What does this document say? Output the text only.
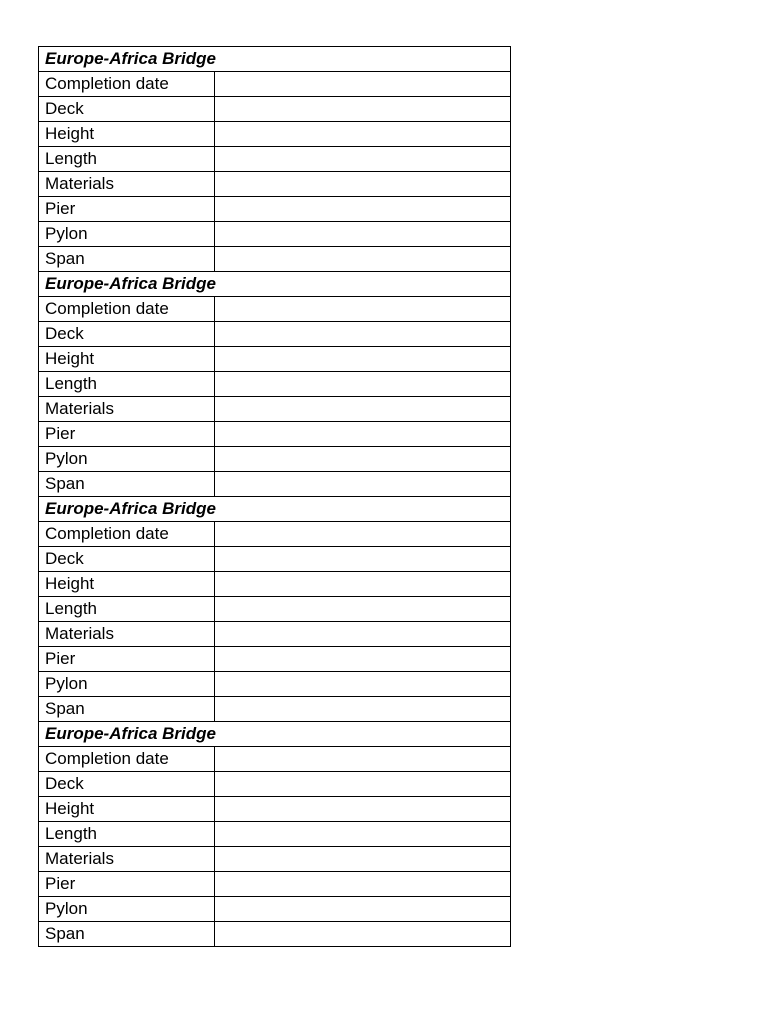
Europe-Africa Bridge	
Completion date	
Deck	
Height	
Length	
Materials	
Pier	
Pylon	
Span	
Europe-Africa Bridge	
Completion date	
Deck	
Height	
Length	
Materials	
Pier	
Pylon	
Span	
Europe-Africa Bridge	
Completion date	
Deck	
Height	
Length	
Materials	
Pier	
Pylon	
Span	
Europe-Africa Bridge	
Completion date	
Deck	
Height	
Length	
Materials	
Pier	
Pylon	
Span	
